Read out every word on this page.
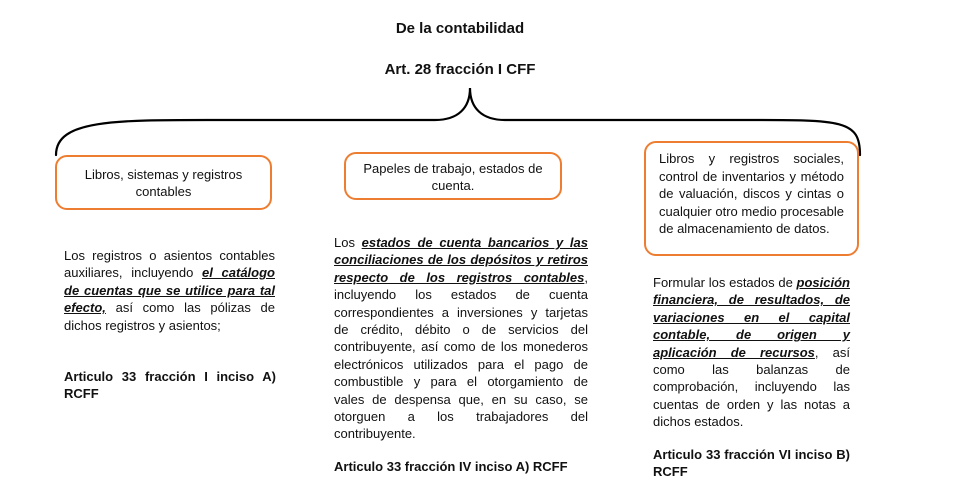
De la contabilidad
Art. 28 fracción I CFF
Libros, sistemas y registros contables
Papeles de trabajo, estados de cuenta.
Libros y registros sociales, control de inventarios y método de valuación, discos y cintas o cualquier otro medio procesable de almacenamiento de datos.
Los registros o asientos contables auxiliares, incluyendo el catálogo de cuentas que se utilice para tal efecto, así como las pólizas de dichos registros y asientos;
Los estados de cuenta bancarios y las conciliaciones de los depósitos y retiros respecto de los registros contables, incluyendo los estados de cuenta correspondientes a inversiones y tarjetas de crédito, débito o de servicios del contribuyente, así como de los monederos electrónicos utilizados para el pago de combustible y para el otorgamiento de vales de despensa que, en su caso, se otorguen a los trabajadores del contribuyente.
Formular los estados de posición financiera, de resultados, de variaciones en el capital contable, de origen y aplicación de recursos, así como las balanzas de comprobación, incluyendo las cuentas de orden y las notas a dichos estados.
Articulo 33 fracción I inciso A) RCFF
Articulo 33 fracción IV inciso A) RCFF
Articulo 33 fracción VI inciso B) RCFF
